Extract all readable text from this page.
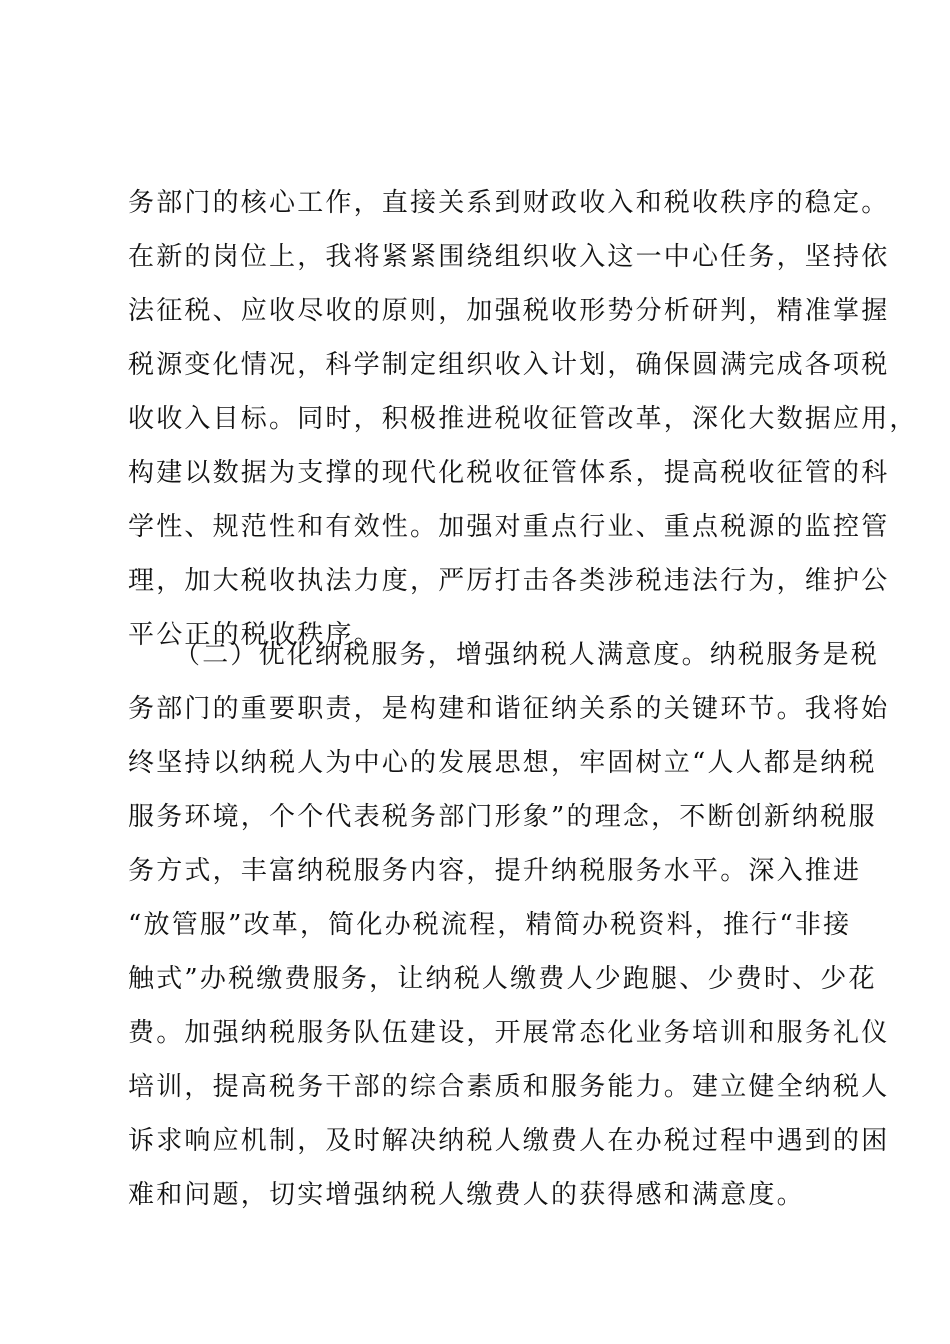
务部门的核心工作，直接关系到财政收入和税收秩序的稳定。
在新的岗位上，我将紧紧围绕组织收入这一中心任务，坚持依
法征税、应收尽收的原则，加强税收形势分析研判，精准掌握
税源变化情况，科学制定组织收入计划，确保圆满完成各项税
收收入目标。同时，积极推进税收征管改革，深化大数据应用，
构建以数据为支撑的现代化税收征管体系，提高税收征管的科
学性、规范性和有效性。加强对重点行业、重点税源的监控管
理，加大税收执法力度，严厉打击各类涉税违法行为，维护公
平公正的税收秩序。
（二）优化纳税服务，增强纳税人满意度。纳税服务是税
务部门的重要职责，是构建和谐征纳关系的关键环节。我将始
终坚持以纳税人为中心的发展思想，牢固树立“人人都是纳税
服务环境，个个代表税务部门形象”的理念，不断创新纳税服
务方式，丰富纳税服务内容，提升纳税服务水平。深入推进
“放管服”改革，简化办税流程，精简办税资料，推行“非接
触式”办税缴费服务，让纳税人缴费人少跑腿、少费时、少花
费。加强纳税服务队伍建设，开展常态化业务培训和服务礼仪
培训，提高税务干部的综合素质和服务能力。建立健全纳税人
诉求响应机制，及时解决纳税人缴费人在办税过程中遇到的困
难和问题，切实增强纳税人缴费人的获得感和满意度。
